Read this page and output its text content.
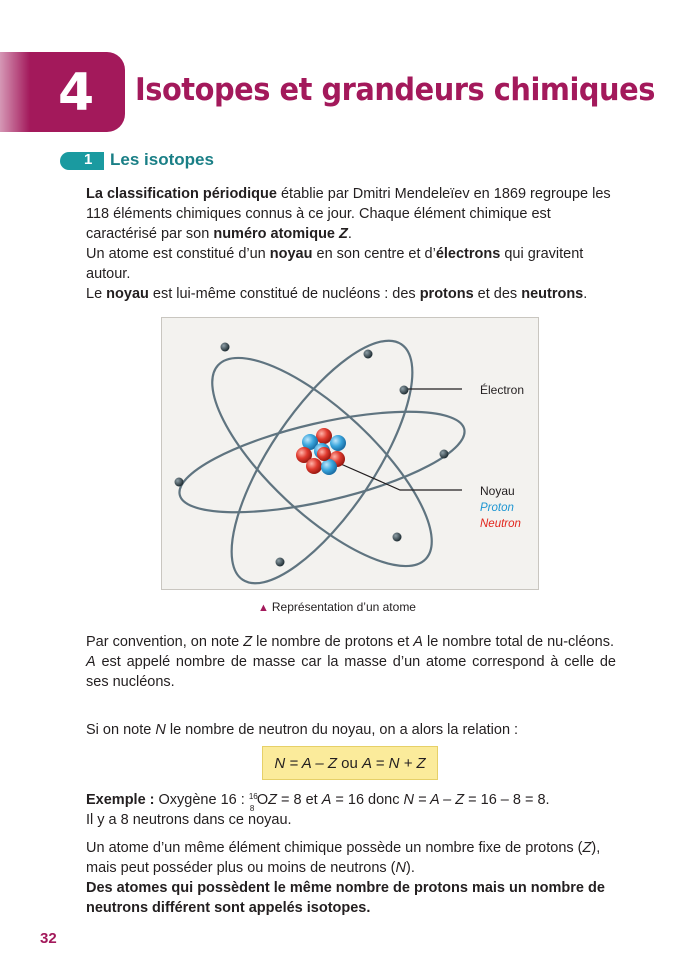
4 Isotopes et grandeurs chimiques
1 Les isotopes
La classification périodique établie par Dmitri Mendeleïev en 1869 regroupe les 118 éléments chimiques connus à ce jour. Chaque élément chimique est caractérisé par son numéro atomique Z.
Un atome est constitué d’un noyau en son centre et d’électrons qui gravitent autour.
Le noyau est lui-même constitué de nucléons : des protons et des neutrons.
Électron
Noyau
Proton
Neutron
▲ Représentation d’un atome
Par convention, on note Z le nombre de protons et A le nombre total de nu-cléons.
A est appelé nombre de masse car la masse d’un atome correspond à celle de ses nucléons.
Si on note N le nombre de neutron du noyau, on a alors la relation :
N = A – Z ou A = N + Z
Exemple : Oxygène 16 : 16
8
OZ = 8 et A = 16 donc N = A – Z = 16 – 8 = 8.
Il y a 8 neutrons dans ce noyau.
Un atome d’un même élément chimique possède un nombre fixe de protons (Z), mais peut posséder plus ou moins de neutrons (N).
Des atomes qui possèdent le même nombre de protons mais un nombre de neutrons différent sont appelés isotopes.
32
